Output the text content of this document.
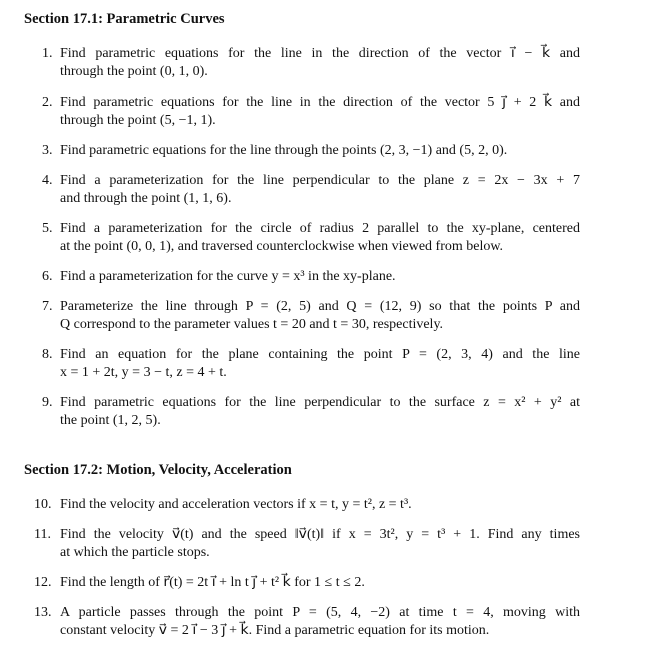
Section 17.1: Parametric Curves
1. Find parametric equations for the line in the direction of the vector i⃗ − k⃗ and
through the point (0, 1, 0).
2. Find parametric equations for the line in the direction of the vector 5 j⃗ + 2 k⃗ and
through the point (5, −1, 1).
3. Find parametric equations for the line through the points (2, 3, −1) and (5, 2, 0).
4. Find a parameterization for the line perpendicular to the plane z = 2x − 3x + 7
and through the point (1, 1, 6).
5. Find a parameterization for the circle of radius 2 parallel to the xy-plane, centered
at the point (0, 0, 1), and traversed counterclockwise when viewed from below.
6. Find a parameterization for the curve y = x³ in the xy-plane.
7. Parameterize the line through P = (2, 5) and Q = (12, 9) so that the points P and
Q correspond to the parameter values t = 20 and t = 30, respectively.
8. Find an equation for the plane containing the point P = (2, 3, 4) and the line
x = 1 + 2t, y = 3 − t, z = 4 + t.
9. Find parametric equations for the line perpendicular to the surface z = x² + y² at
the point (1, 2, 5).
Section 17.2: Motion, Velocity, Acceleration
10. Find the velocity and acceleration vectors if x = t, y = t², z = t³.
11. Find the velocity v⃗(t) and the speed ‖v⃗(t)‖ if x = 3t², y = t³ + 1. Find any times
at which the particle stops.
12. Find the length of r⃗(t) = 2t i⃗ + ln t j⃗ + t² k⃗ for 1 ≤ t ≤ 2.
13. A particle passes through the point P = (5, 4, −2) at time t = 4, moving with
constant velocity v⃗ = 2 i⃗ − 3 j⃗ + k⃗. Find a parametric equation for its motion.
